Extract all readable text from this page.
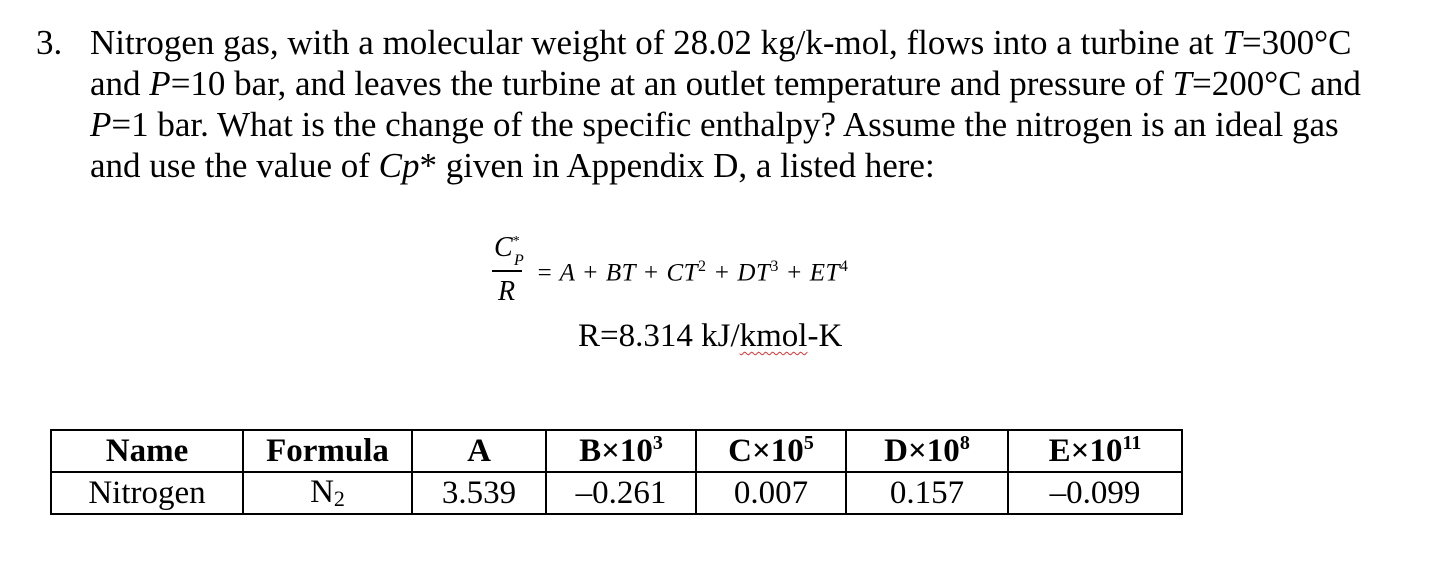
3. Nitrogen gas, with a molecular weight of 28.02 kg/k-mol, flows into a turbine at T=300°C
and P=10 bar, and leaves the turbine at an outlet temperature and pressure of T=200°C and
P=1 bar. What is the change of the specific enthalpy? Assume the nitrogen is an ideal gas
and use the value of Cp* given in Appendix D, a listed here:
C *
P
R
= A + BT + $CT^2 + DT^3 + ET^4$
R=8.314 kJ/kmol-K
Name	Formula	A	$B\times 10^3$	$C\times 10^5$	$D\times 10^8$	$E\times 10^{11}$
Nitrogen	$N_2$	3.539	–0.261	0.007	0.157	–0.099
